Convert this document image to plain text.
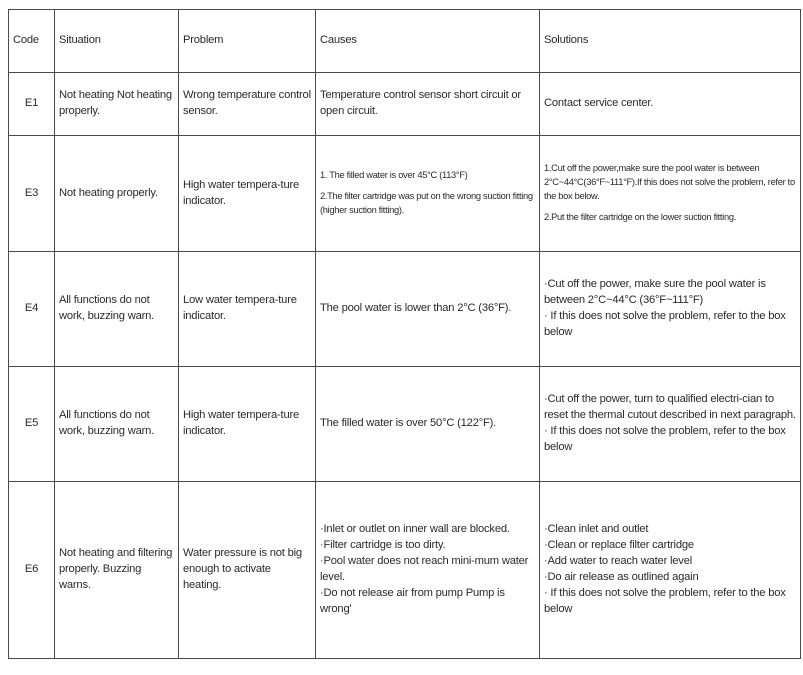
Code	Situation	Problem	Causes	Solutions
E1	Not heating Not heating properly.	Wrong temperature control sensor.	Temperature control sensor short circuit or open circuit.	Contact service center.

E3	Not heating properly.	High water tempera-ture indicator.	1. The filled water is over 45°C (113°F)
2.The filter cartridge was put on the wrong suction fitting (higher suction fitting).	1.Cut off the power,make sure the pool water is between 2°C~44°C(36°F~111°F).If this does not solve the problem, refer to the box below.
2.Put the filter cartridge on the lower suction fitting.

E4	All functions do not work, buzzing warn.	Low water tempera-ture indicator.	The pool water is lower than 2°C (36°F).	·Cut off the power, make sure the pool water is between 2°C~44°C (36°F~111°F)
· If this does not solve the problem, refer to the box below

E5	All functions do not work, buzzing warn.	High water tempera-ture indicator.	The filled water is over 50°C (122°F).	·Cut off the power, turn to qualified electri-cian to reset the thermal cutout described in next paragraph.
· If this does not solve the problem, refer to the box below

E6	Not heating and filtering properly. Buzzing warns.	Water pressure is not big enough to activate heating.	·Inlet or outlet on inner wall are blocked.
·Filter cartridge is too dirty.
·Pool water does not reach mini-mum water level.
·Do not release air from pump Pump is wrong'	·Clean inlet and outlet
·Clean or replace filter cartridge
·Add water to reach water level
·Do air release as outlined again
· If this does not solve the problem, refer to the box below
